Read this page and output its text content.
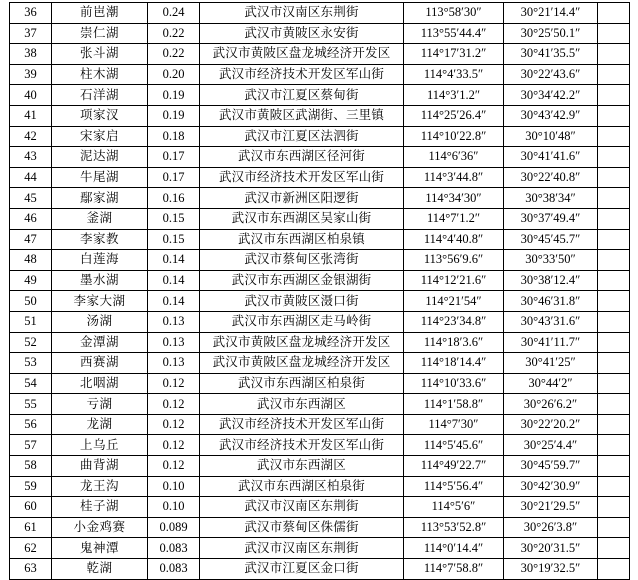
36	前岜潮	0.24	武汉市汉南区东荆街	113°58′30″	30°21′14.4″	
37	崇仁湖	0.22	武汉市黄陂区永安街	113°55′44.4″	30°25′50.1″	
38	张斗湖	0.22	武汉市黄陂区盘龙城经济开发区	114°17′31.2″	30°41′35.5″	
39	柱木湖	0.20	武汉市经济技术开发区军山街	114°4′33.5″	30°22′43.6″	
40	石洋湖	0.19	武汉市江夏区蔡甸街	114°3′1.2″	30°34′42.2″	
41	项家汊	0.19	武汉市黄陂区武湖街、三里镇	114°25′26.4″	30°43′42.9″	
42	宋家启	0.18	武汉市江夏区法泗街	114°10′22.8″	30°10′48″	
43	泥达湖	0.17	武汉市东西湖区径河街	114°6′36″	30°41′41.6″	
44	牛尾湖	0.17	武汉市经济技术开发区军山街	114°3′44.8″	30°22′40.8″	
45	鄢家湖	0.16	武汉市新洲区阳逻街	114°34′30″	30°38′34″	
46	釜湖	0.15	武汉市东西湖区吴家山街	114°7′1.2″	30°37′49.4″	
47	李家教	0.15	武汉市东西湖区柏泉镇	114°4′40.8″	30°45′45.7″	
48	白莲海	0.14	武汉市蔡甸区张湾街	113°56′9.6″	30°33′50″	
49	墨水湖	0.14	武汉市东西湖区金银湖街	114°12′21.6″	30°38′12.4″	
50	李家大湖	0.14	武汉市黄陂区滠口街	114°21′54″	30°46′31.8″	
51	汤湖	0.13	武汉市东西湖区走马岭街	114°23′34.8″	30°43′31.6″	
52	金潭湖	0.13	武汉市黄陂区盘龙城经济开发区	114°18′3.6″	30°41′11.7″	
53	西赛湖	0.13	武汉市黄陂区盘龙城经济开发区	114°18′14.4″	30°41′25″	
54	北咽湖	0.12	武汉市东西湖区柏泉街	114°10′33.6″	30°44′2″	
55	亏湖	0.12	武汉市东西湖区	114°1′58.8″	30°26′6.2″	
56	龙湖	0.12	武汉市经济技术开发区军山街	114°7′30″	30°22′20.2″	
57	上乌丘	0.12	武汉市经济技术开发区军山街	114°5′45.6″	30°25′4.4″	
58	曲背湖	0.12	武汉市东西湖区	114°49′22.7″	30°45′59.7″	
59	龙王沟	0.10	武汉市东西湖区柏泉街	114°5′56.4″	30°42′30.9″	
60	桂子湖	0.10	武汉市汉南区东荆街	114°5′6″	30°21′29.5″	
61	小金鸡赛	0.089	武汉市蔡甸区侏儒街	113°53′52.8″	30°26′3.8″	
62	鬼神潭	0.083	武汉市汉南区东荆街	114°0′14.4″	30°20′31.5″	
63	乾湖	0.083	武汉市江夏区金口街	114°7′58.8″	30°19′32.5″	
